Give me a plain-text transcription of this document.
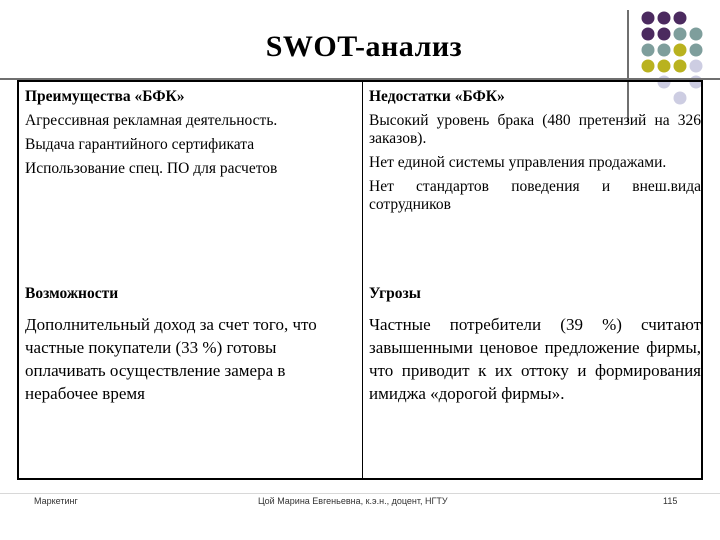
SWOT-анализ
Преимущества «БФК»
Агрессивная рекламная деятельность.
Выдача гарантийного сертификата
Использование спец. ПО для расчетов
Недостатки «БФК»
Высокий уровень брака (480 претензий на 326 заказов).
Нет единой системы управления продажами.
Нет стандартов поведения и внеш.вида сотрудников
Возможности

Дополнительный доход за счет того, что частные покупатели (33 %) готовы оплачивать осуществление замера в нерабочее время

Угрозы

Частные потребители (39 %) считают завышенными ценовое предложение фирмы, что приводит к их оттоку и формирования имиджа «дорогой фирмы».

Маркетинг	Цой Марина Евгеньевна, к.э.н., доцент, НГТУ	115
